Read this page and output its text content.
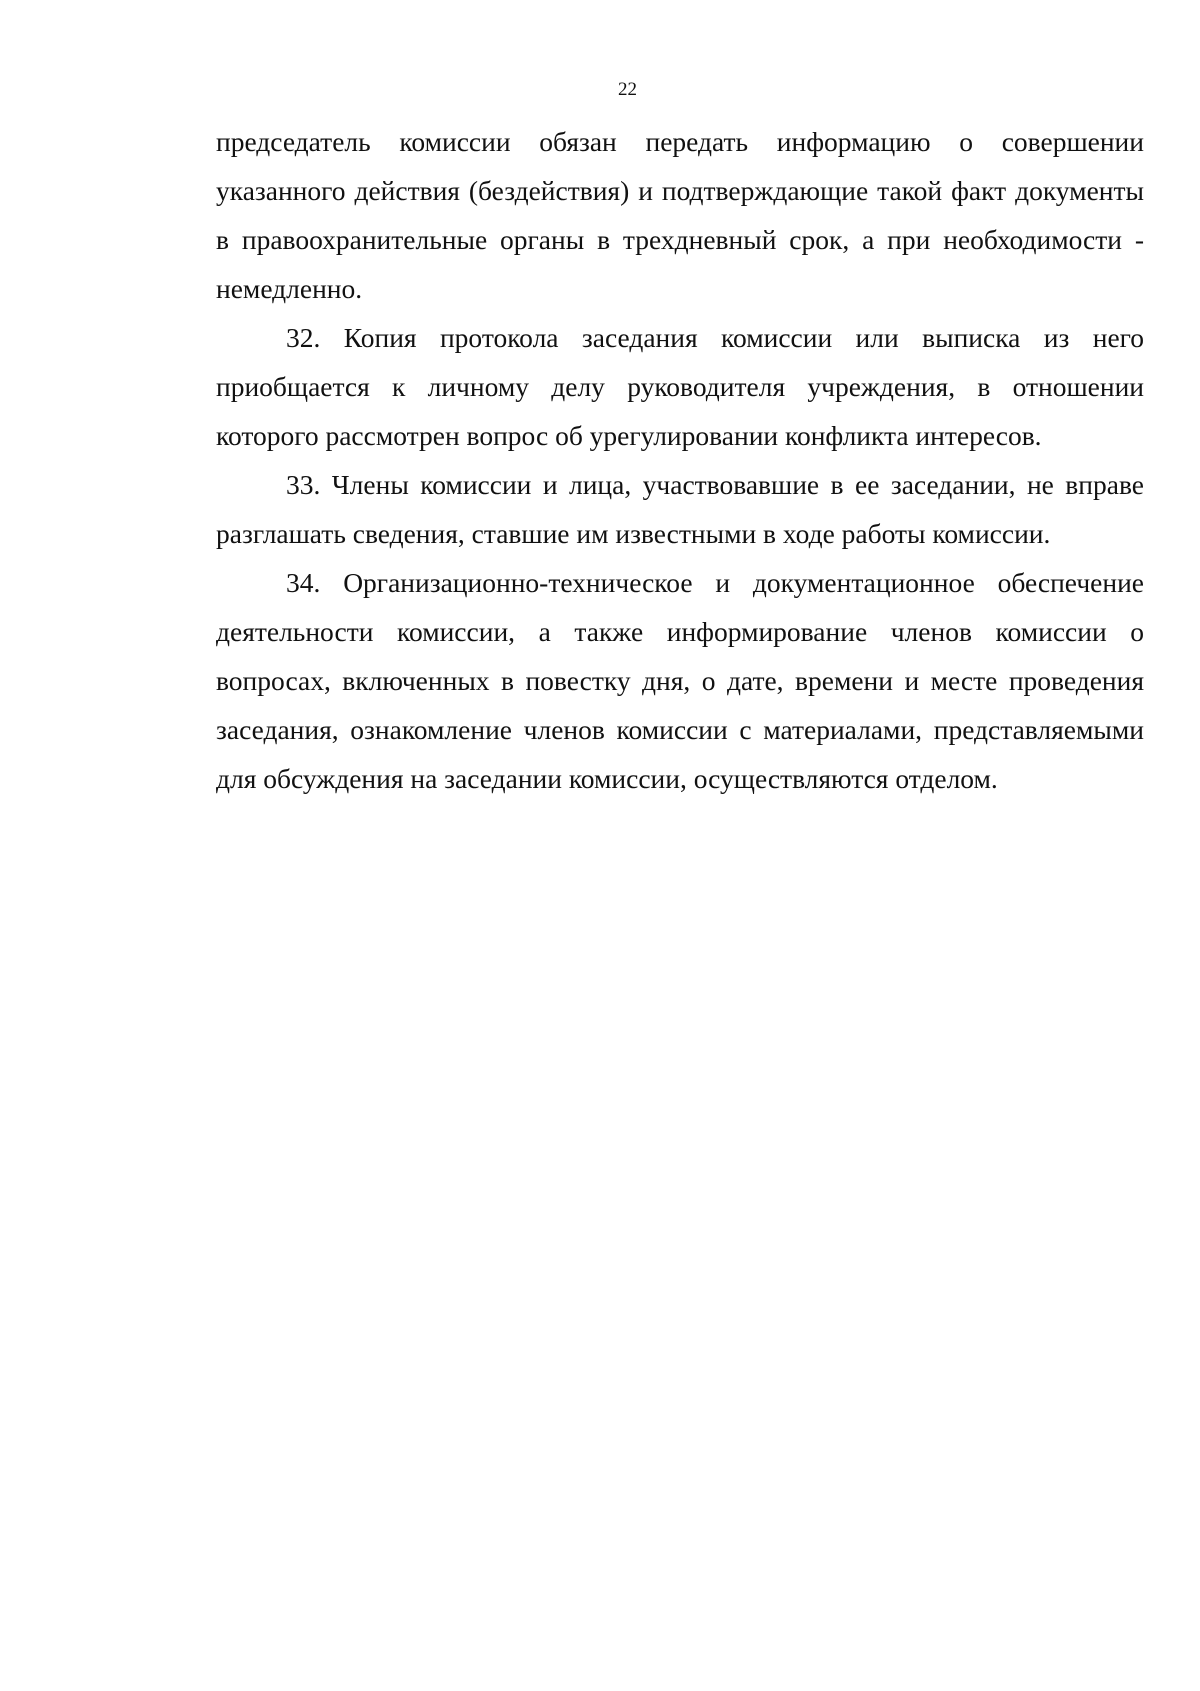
22

председатель комиссии обязан передать информацию о совершении указанного действия (бездействия) и подтверждающие такой факт документы в правоохранительные органы в трехдневный срок, а при необходимости - немедленно.

32. Копия протокола заседания комиссии или выписка из него приобщается к личному делу руководителя учреждения, в отношении которого рассмотрен вопрос об урегулировании конфликта интересов.

33. Члены комиссии и лица, участвовавшие в ее заседании, не вправе разглашать сведения, ставшие им известными в ходе работы комиссии.

34. Организационно-техническое и документационное обеспечение деятельности комиссии, а также информирование членов комиссии о вопросах, включенных в повестку дня, о дате, времени и месте проведения заседания, ознакомление членов комиссии с материалами, представляемыми для обсуждения на заседании комиссии, осуществляются отделом.
